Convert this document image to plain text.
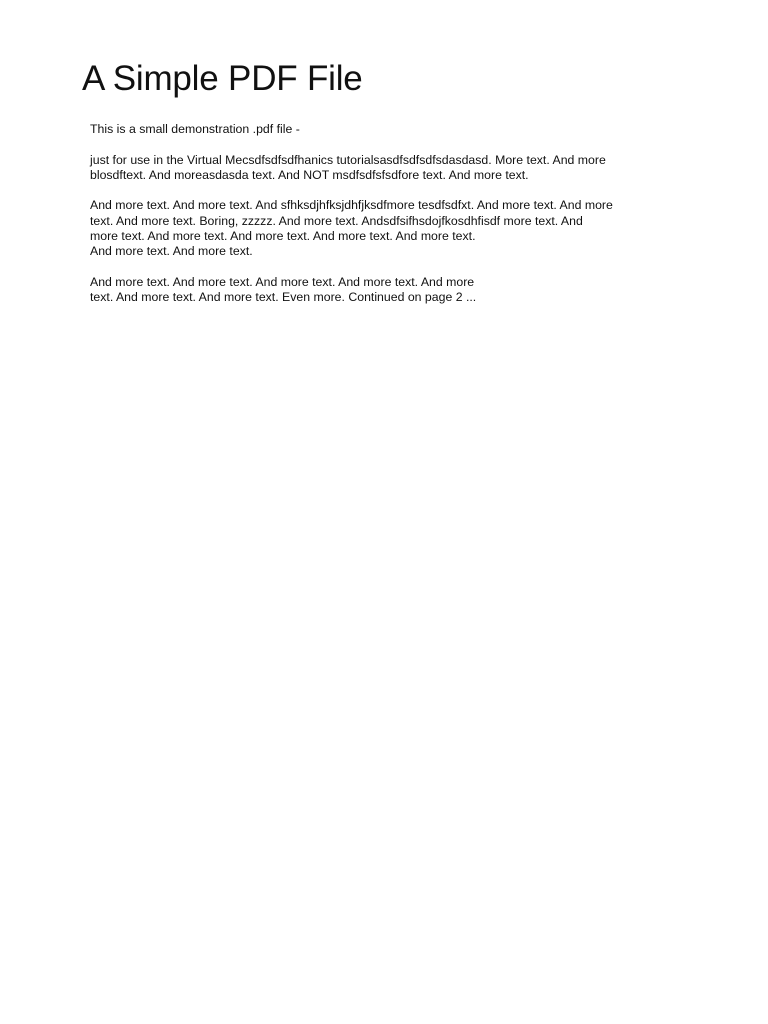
A Simple PDF File

This is a small demonstration .pdf file -

just for use in the Virtual Mecsdfsdfsdfhanics tutorialsasdfsdfsdfsdasdasd. More text. And more
blosdftext. And moreasdasda text. And NOT msdfsdfsfsdfore text. And more text.

And more text. And more text. And sfhksdjhfksjdhfjksdfmore tesdfsdfxt. And more text. And more
text. And more text. Boring, zzzzz. And more text. Andsdfsifhsdojfkosdhfisdf more text. And
more text. And more text. And more text. And more text. And more text.
And more text. And more text.

And more text. And more text. And more text. And more text. And more
text. And more text. And more text. Even more. Continued on page 2 ...
